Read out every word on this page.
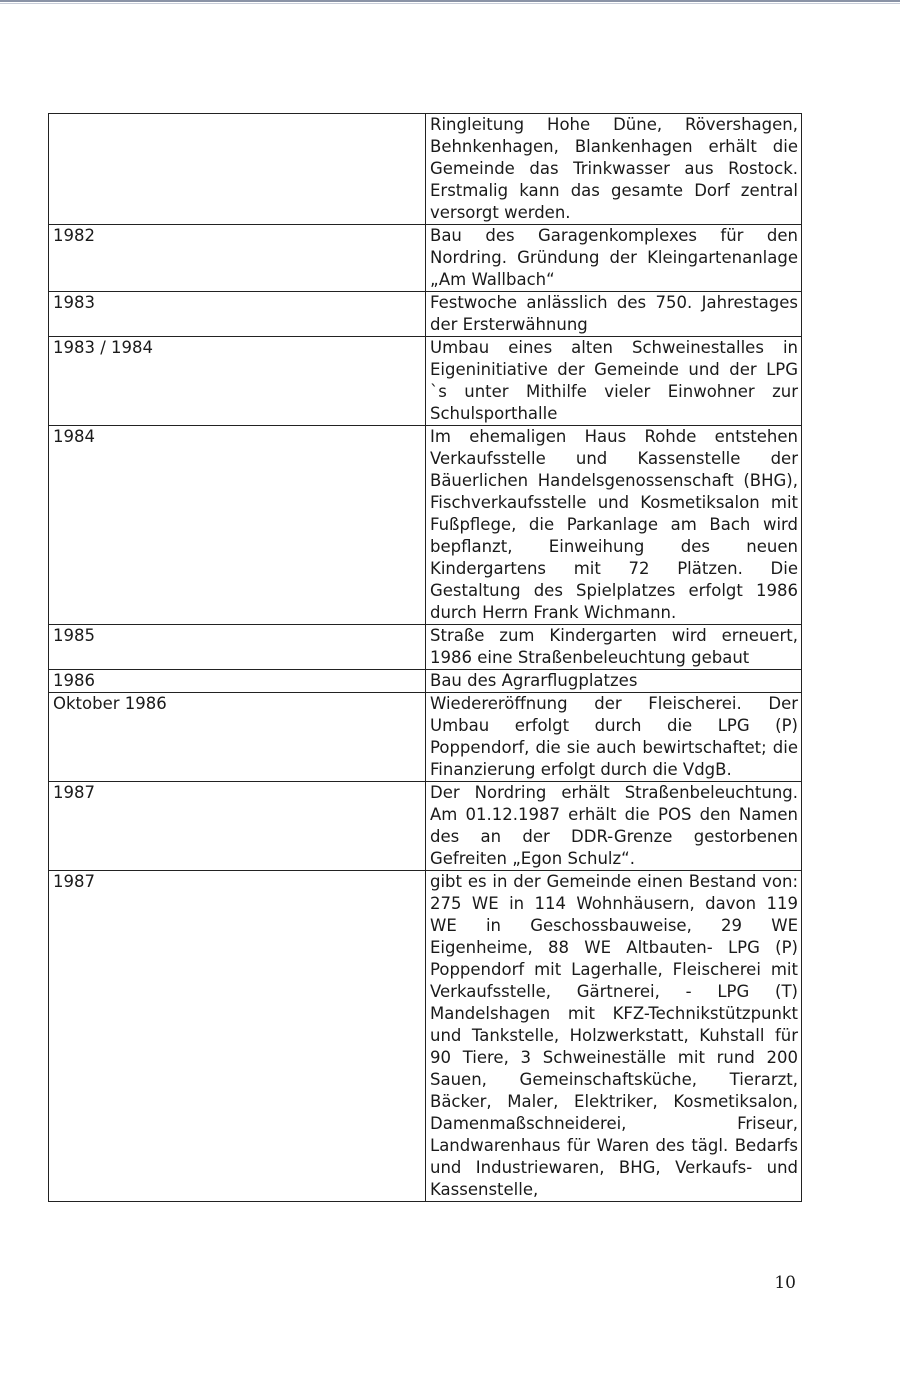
	Ringleitung Hohe Düne, Rövershagen, Behnkenhagen, Blankenhagen erhält die Gemeinde das Trinkwasser aus Rostock. Erstmalig kann das gesamte Dorf zentral versorgt werden.
1982	Bau des Garagenkomplexes für den Nordring. Gründung der Kleingartenanlage „Am Wallbach“
1983	Festwoche anlässlich des 750. Jahrestages der Ersterwähnung
1983 / 1984	Umbau eines alten Schweinestalles in Eigeninitiative der Gemeinde und der LPG `s unter Mithilfe vieler Einwohner zur Schulsporthalle
1984	Im ehemaligen Haus Rohde entstehen Verkaufsstelle und Kassenstelle der Bäuerlichen Handelsgenossenschaft (BHG), Fischverkaufsstelle und Kosmetiksalon mit Fußpflege, die Parkanlage am Bach wird bepflanzt, Einweihung des neuen Kindergartens mit 72 Plätzen. Die Gestaltung des Spielplatzes erfolgt 1986 durch Herrn Frank Wichmann.
1985	Straße zum Kindergarten wird erneuert, 1986 eine Straßenbeleuchtung gebaut
1986	Bau des Agrarflugplatzes
Oktober 1986	Wiedereröffnung der Fleischerei. Der Umbau erfolgt durch die LPG (P) Poppendorf, die sie auch bewirtschaftet; die Finanzierung erfolgt durch die VdgB.
1987	Der Nordring erhält Straßenbeleuchtung. Am 01.12.1987 erhält die POS den Namen des an der DDR-Grenze gestorbenen Gefreiten „Egon Schulz“.
1987	gibt es in der Gemeinde einen Bestand von: 275 WE in 114 Wohnhäusern, davon 119 WE in Geschossbauweise, 29 WE Eigenheime, 88 WE Altbauten- LPG (P) Poppendorf mit Lagerhalle, Fleischerei mit Verkaufsstelle, Gärtnerei, - LPG (T) Mandelshagen mit KFZ-Technikstützpunkt und Tankstelle, Holzwerkstatt, Kuhstall für 90 Tiere, 3 Schweineställe mit rund 200 Sauen, Gemeinschaftsküche, Tierarzt, Bäcker, Maler, Elektriker, Kosmetiksalon, Damenmaßschneiderei, Friseur, Landwarenhaus für Waren des tägl. Bedarfs und Industriewaren, BHG, Verkaufs- und Kassenstelle,
10
